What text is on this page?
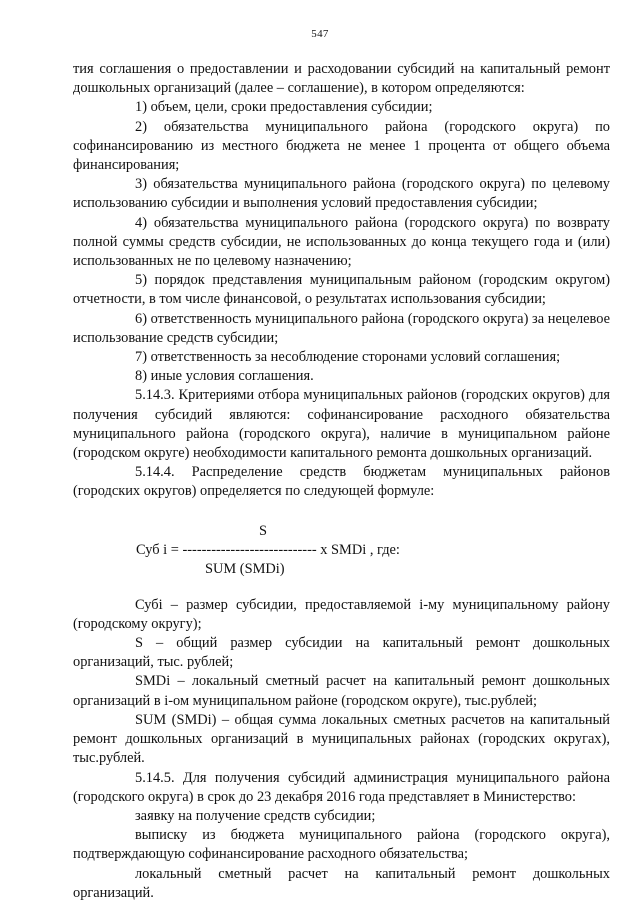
547

тия соглашения о предоставлении и расходовании субсидий на капитальный ремонт дошкольных организаций (далее – соглашение), в котором определяются:

1) объем, цели, сроки предоставления субсидии;

2) обязательства муниципального района (городского округа) по софинансированию из местного бюджета не менее 1 процента от общего объема финансирования;

3) обязательства муниципального района (городского округа) по целевому использованию субсидии и выполнения условий предоставления субсидии;

4) обязательства муниципального района (городского округа) по возврату полной суммы средств субсидии, не использованных до конца текущего года и (или) использованных не по целевому назначению;

5) порядок представления муниципальным районом (городским округом) отчетности, в том числе финансовой, о результатах использования субсидии;

6) ответственность муниципального района (городского округа) за нецелевое использование средств субсидии;

7) ответственность за несоблюдение сторонами условий соглашения;

8) иные условия соглашения.

5.14.3. Критериями отбора муниципальных районов (городских округов) для получения субсидий являются: софинансирование расходного обязательства муниципального района (городского округа), наличие в муниципальном районе (городском округе) необходимости капитального ремонта дошкольных организаций.

5.14.4. Распределение средств бюджетам муниципальных районов (городских округов) определяется по следующей формуле:

S
Суб i = ---------------------------- х SMDi , где:
SUM (SMDi)

Субi – размер субсидии, предоставляемой i-му муниципальному району (городскому округу);

S – общий размер субсидии на капитальный ремонт дошкольных организаций, тыс. рублей;

SMDi – локальный сметный расчет на капитальный ремонт дошкольных организаций в i-ом муниципальном районе (городском округе), тыс.рублей;

SUM (SMDi) – общая сумма локальных сметных расчетов на капитальный ремонт дошкольных организаций в муниципальных районах (городских округах), тыс.рублей.

5.14.5. Для получения субсидий администрация муниципального района (городского округа) в срок до 23 декабря 2016 года представляет в Министерство:

заявку на получение средств субсидии;

выписку из бюджета муниципального района (городского округа), подтверждающую софинансирование расходного обязательства;

локальный сметный расчет на капитальный ремонт дошкольных организаций.
